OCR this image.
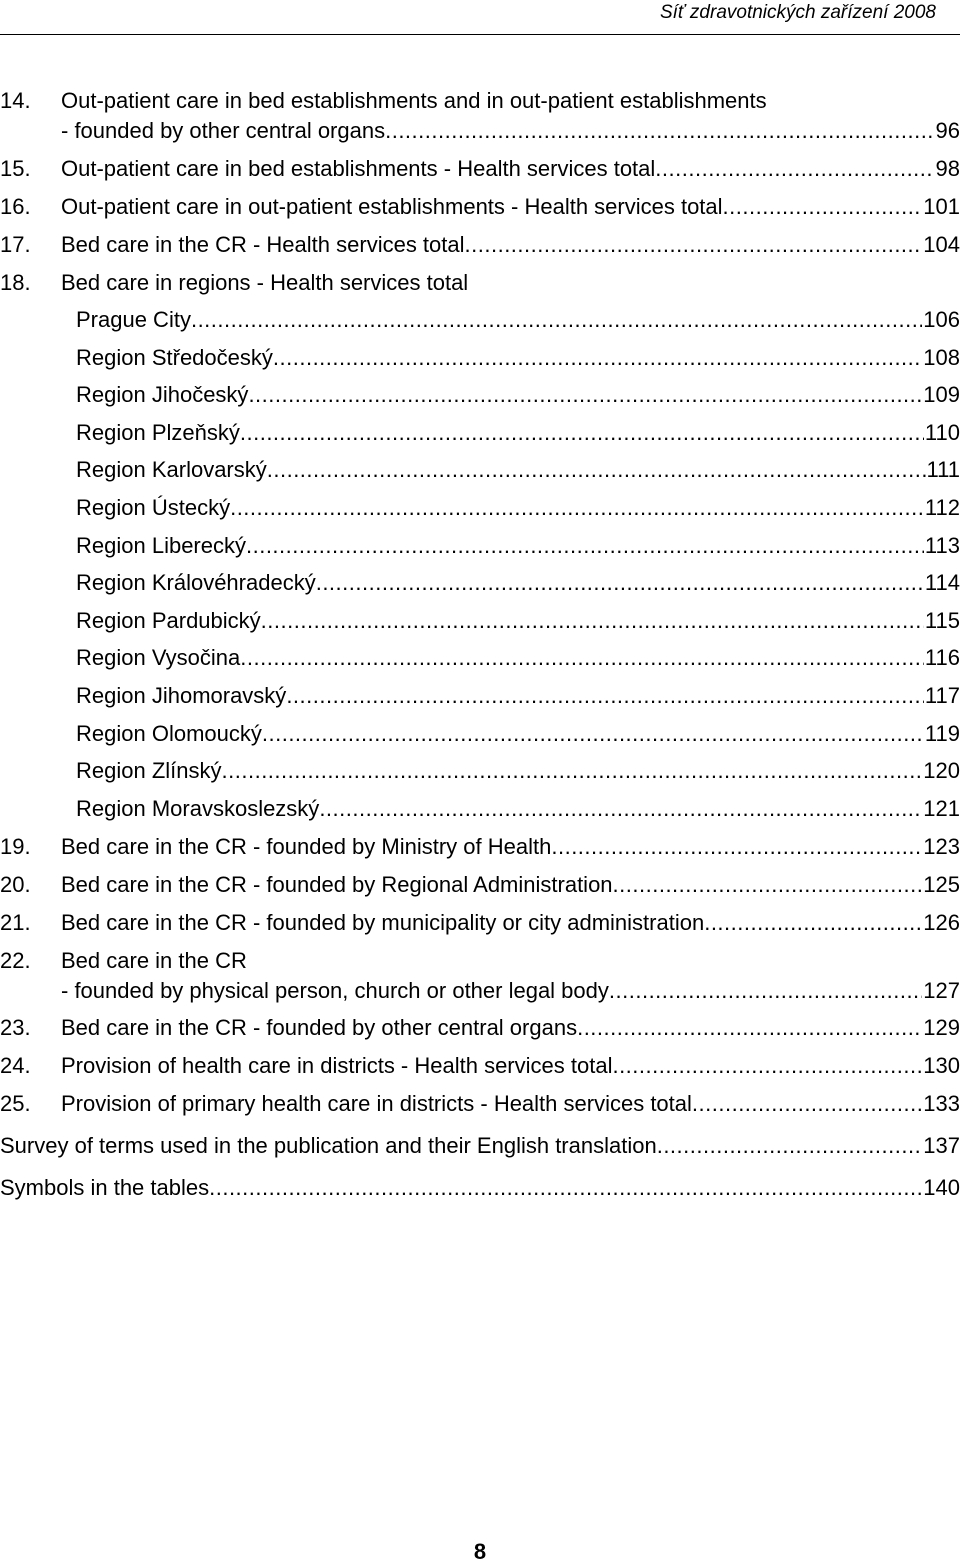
Síť zdravotnických zařízení 2008
14. Out-patient care in bed establishments and in out-patient establishments
- founded by other central organs .....	96
15. Out-patient care in bed establishments - Health services total .....	98
16. Out-patient care in out-patient establishments - Health services total .....	101
17. Bed care in the CR - Health services total .....	104
18. Bed care in regions - Health services total
Prague City .....	106
Region Středočeský .....	108
Region Jihočeský .....	109
Region Plzeňský .....	110
Region Karlovarský .....	111
Region Ústecký .....	112
Region Liberecký .....	113
Region Královéhradecký .....	114
Region Pardubický .....	115
Region Vysočina .....	116
Region Jihomoravský .....	117
Region Olomoucký .....	119
Region Zlínský .....	120
Region Moravskoslezský .....	121
19. Bed care in the CR - founded by Ministry of Health .....	123
20. Bed care in the CR - founded by Regional Administration .....	125
21. Bed care in the CR - founded by municipality or city administration .....	126
22. Bed care in the CR
- founded by physical person, church or other legal body .....	127
23. Bed care in the CR - founded by other central organs .....	129
24. Provision of health care in districts - Health services total .....	130
25. Provision of primary health care in districts - Health services total .....	133
Survey of terms used in the publication and their English translation .....	137
Symbols in the tables .....	140
8
